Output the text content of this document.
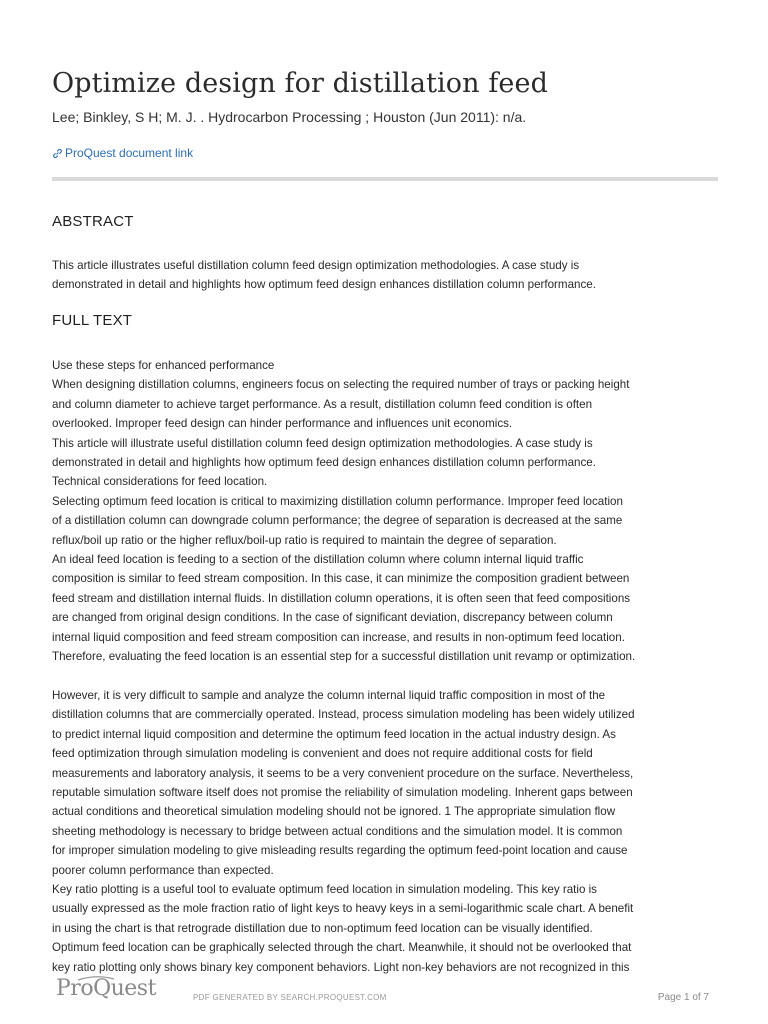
Optimize design for distillation feed
Lee; Binkley, S H; M. J. . Hydrocarbon Processing ; Houston (Jun 2011): n/a.
ProQuest document link
ABSTRACT
This article illustrates useful distillation column feed design optimization methodologies. A case study is
demonstrated in detail and highlights how optimum feed design enhances distillation column performance.
FULL TEXT
Use these steps for enhanced performance
When designing distillation columns, engineers focus on selecting the required number of trays or packing height
and column diameter to achieve target performance. As a result, distillation column feed condition is often
overlooked. Improper feed design can hinder performance and influences unit economics.
This article will illustrate useful distillation column feed design optimization methodologies. A case study is
demonstrated in detail and highlights how optimum feed design enhances distillation column performance.
Technical considerations for feed location.
Selecting optimum feed location is critical to maximizing distillation column performance. Improper feed location
of a distillation column can downgrade column performance; the degree of separation is decreased at the same
reflux/boil up ratio or the higher reflux/boil-up ratio is required to maintain the degree of separation.
An ideal feed location is feeding to a section of the distillation column where column internal liquid traffic
composition is similar to feed stream composition. In this case, it can minimize the composition gradient between
feed stream and distillation internal fluids. In distillation column operations, it is often seen that feed compositions
are changed from original design conditions. In the case of significant deviation, discrepancy between column
internal liquid composition and feed stream composition can increase, and results in non-optimum feed location.
Therefore, evaluating the feed location is an essential step for a successful distillation unit revamp or optimization.
However, it is very difficult to sample and analyze the column internal liquid traffic composition in most of the
distillation columns that are commercially operated. Instead, process simulation modeling has been widely utilized
to predict internal liquid composition and determine the optimum feed location in the actual industry design. As
feed optimization through simulation modeling is convenient and does not require additional costs for field
measurements and laboratory analysis, it seems to be a very convenient procedure on the surface. Nevertheless,
reputable simulation software itself does not promise the reliability of simulation modeling. Inherent gaps between
actual conditions and theoretical simulation modeling should not be ignored. 1 The appropriate simulation flow
sheeting methodology is necessary to bridge between actual conditions and the simulation model. It is common
for improper simulation modeling to give misleading results regarding the optimum feed-point location and cause
poorer column performance than expected.
Key ratio plotting is a useful tool to evaluate optimum feed location in simulation modeling. This key ratio is
usually expressed as the mole fraction ratio of light keys to heavy keys in a semi-logarithmic scale chart. A benefit
in using the chart is that retrograde distillation due to non-optimum feed location can be visually identified.
Optimum feed location can be graphically selected through the chart. Meanwhile, it should not be overlooked that
key ratio plotting only shows binary key component behaviors. Light non-key behaviors are not recognized in this
ProQuest	PDF GENERATED BY SEARCH.PROQUEST.COM	Page 1 of 7
